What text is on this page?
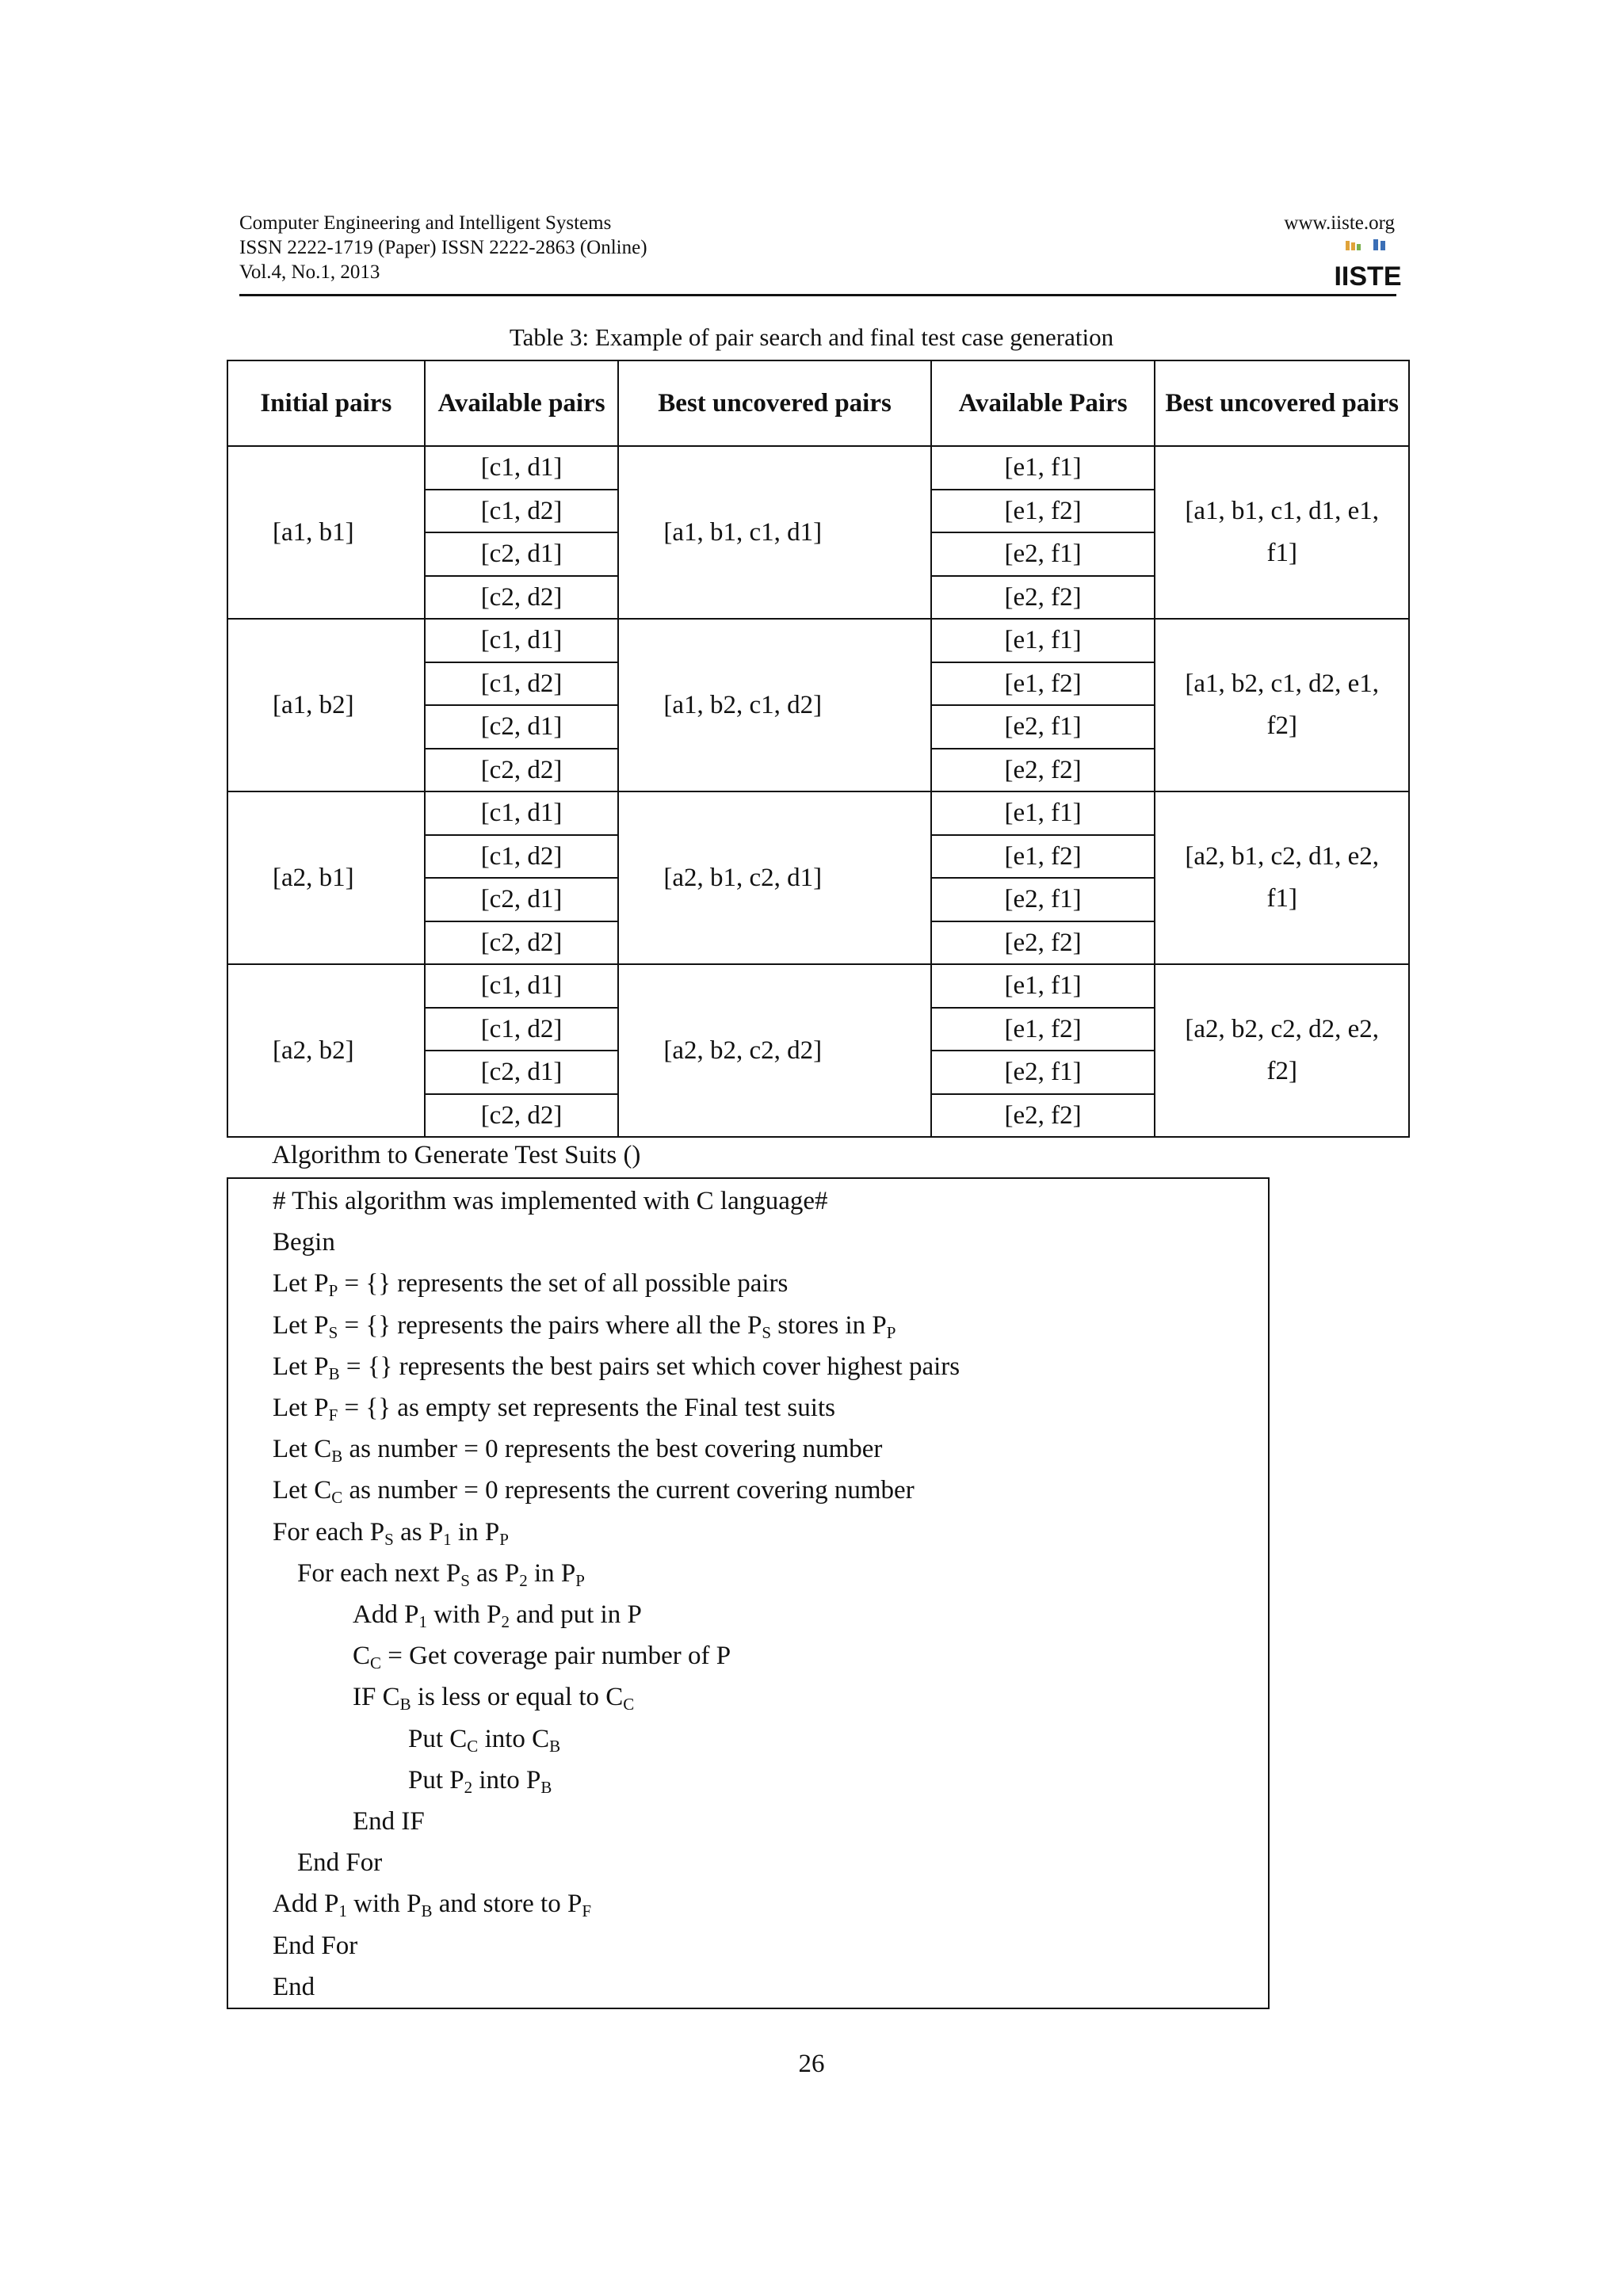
Computer Engineering and Intelligent Systems
ISSN 2222-1719 (Paper) ISSN 2222-2863 (Online)
Vol.4, No.1, 2013
www.iiste.org
IISTE
Table 3: Example of pair search and final test case generation
Initial pairs	Available pairs	Best uncovered pairs	Available Pairs	Best uncovered pairs
[a1, b1]	[c1, d1]	[a1, b1, c1, d1]	[e1, f1]	[a1, b1, c1, d1, e1,
f1]

	[c1, d2]		[e1, f2]	
	[c2, d1]		[e2, f1]	
	[c2, d2]		[e2, f2]	
[a1, b2]	[c1, d1]	[a1, b2, c1, d2]	[e1, f1]	[a1, b2, c1, d2, e1,
f2]

	[c1, d2]		[e1, f2]	
	[c2, d1]		[e2, f1]	
	[c2, d2]		[e2, f2]	
[a2, b1]	[c1, d1]	[a2, b1, c2, d1]	[e1, f1]	[a2, b1, c2, d1, e2,
f1]

	[c1, d2]		[e1, f2]	
	[c2, d1]		[e2, f1]	
	[c2, d2]		[e2, f2]	
[a2, b2]	[c1, d1]	[a2, b2, c2, d2]	[e1, f1]	[a2, b2, c2, d2, e2,
f2]

	[c1, d2]		[e1, f2]	
	[c2, d1]		[e2, f1]	
	[c2, d2]		[e2, f2]	
Algorithm to Generate Test Suits ()
# This algorithm was implemented with C language#
Begin
Let $P_P$ = {} represents the set of all possible pairs
Let $P_S$ = {} represents the pairs where all the $P_S$ stores in $P_P$
Let $P_B$ = {} represents the best pairs set which cover highest pairs
Let $P_F$ = {} as empty set represents the Final test suits
Let $C_B$ as number = 0 represents the best covering number
Let $C_C$ as number = 0 represents the current covering number
For each $P_S$ as $P_1$ in $P_P$
For each next $P_S$ as $P_2$ in $P_P$
Add $P_1$ with $P_2$ and put in P
$C_C$ = Get coverage pair number of P
IF $C_B$ is less or equal to $C_C$
Put $C_C$ into $C_B$
Put $P_2$ into $P_B$
End IF
End For
Add $P_1$ with $P_B$ and store to $P_F$
End For
End
26
